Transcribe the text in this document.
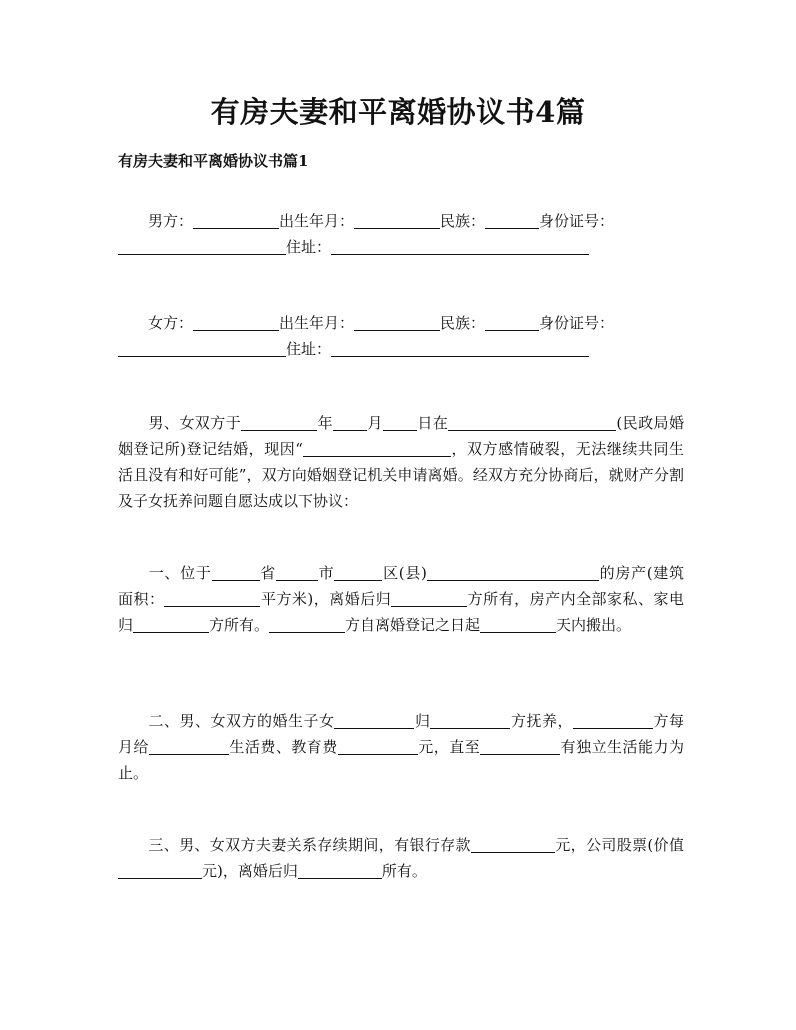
有房夫妻和平离婚协议书4篇
有房夫妻和平离婚协议书篇1

男方：	出生年月：	民族：	身份证号：
住址：

女方：	出生年月：	民族：	身份证号：
住址：

男、女双方于	年 月 日在	(民政局婚姻登记所)登记结婚，现因“	，双方感情破裂，无法继续共同生活且没有和好可能”，双方向婚姻登记机关申请离婚。经双方充分协商后，就财产分割及子女抚养问题自愿达成以下协议：

一、位于	省	市	区(县)	的房产(建筑面积：	平方米)，离婚后归	方所有，房产内全部家私、家电归	方所有。	方自离婚登记之日起	天内搬出。

二、男、女双方的婚生子女	归	方抚养，	方每月给	生活费、教育费	元，直至	有独立生活能力为止。

三、男、女双方夫妻关系存续期间，有银行存款	元，公司股票(价值元)，离婚后归	所有。
